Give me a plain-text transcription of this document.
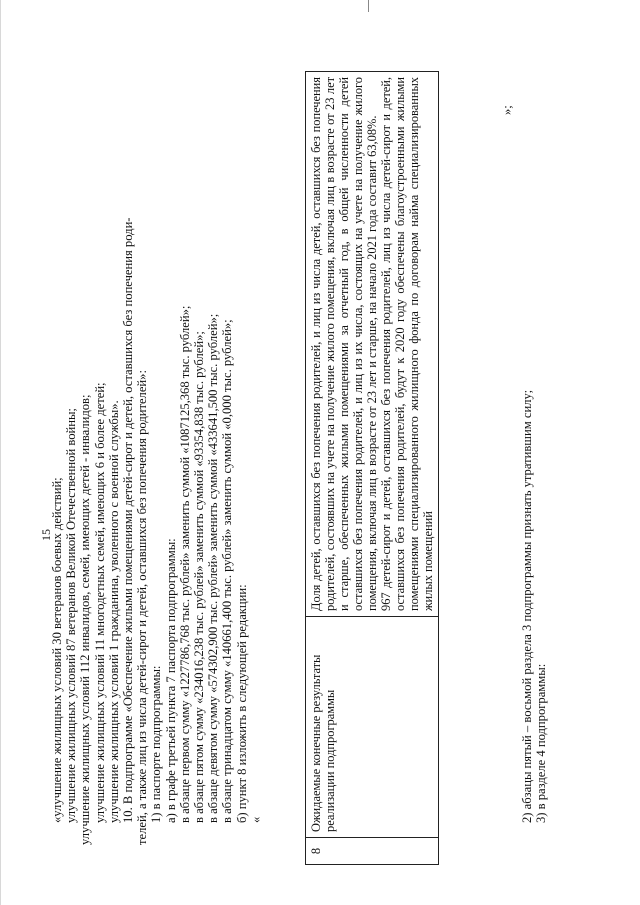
«улучшение жилищных условий 30 ветеранов боевых действий; улучшение жилищных условий 87 ветеранов Великой Отечественной войны; улучшение жилищных условий 112 инвалидов, семей, имеющих детей - инвалидов; улучшение жилищных условий 11 многодетных семей, имеющих 6 и более детей; улучшение жилищных условий 1 гражданина, уволенного с военной службы». 10. В подпрограмме «Обеспечение жилыми помещениями детей-сирот и детей, оставшихся без попечения роди- телей, а также лиц из числа детей-сирот и детей, оставшихся без попечения родителей»: 1) в паспорте подпрограммы: а) в графе третьей пункта 7 паспорта подпрограммы: в абзаце первом сумму «1227786,768 тыс. рублей» заменить суммой «1087125,368 тыс. рублей»; в абзаце пятом сумму «234016,238 тыс. рублей» заменить суммой «93354,838 тыс. рублей»; в абзаце девятом сумму «574302,900 тыс. рублей» заменить суммой «433641,500 тыс. рублей»; в абзаце тринадцатом сумму «140661,400 тыс. рублей» заменить суммой «0,000 тыс. рублей»; б) пункт 8 изложить в следующей редакции: «

8	Ожидаемые конечные результаты реализации подпрограммы	Доля детей, оставшихся без попечения родителей, и лиц из числа детей, оставшихся без попечения родителей, состоявших на учете на получение жилого помещения, включая лиц в возрасте от 23 лет и старше, обеспеченных жилыми помещениями за отчетный год, в общей численности детей оставшихся без попечения родителей, и лиц из их числа, состоящих на учете на получение жилого помещения, включая лиц в возрасте от 23 лет и старше, на начало 2021 года составит 63,08%.
967 детей-сирот и детей, оставшихся без попечения родителей, лиц из числа детей-сирот и детей, оставшихся без попечения родителей, будут к 2020 году обеспечены благоустроенными жилыми помещениями специализированного жилищного фонда по договорам найма специализированных жилых помещений
»;

2) абзацы пятый – восьмой раздела 3 подпрограммы признать утратившим силу; 3) в разделе 4 подпрограммы:

15
